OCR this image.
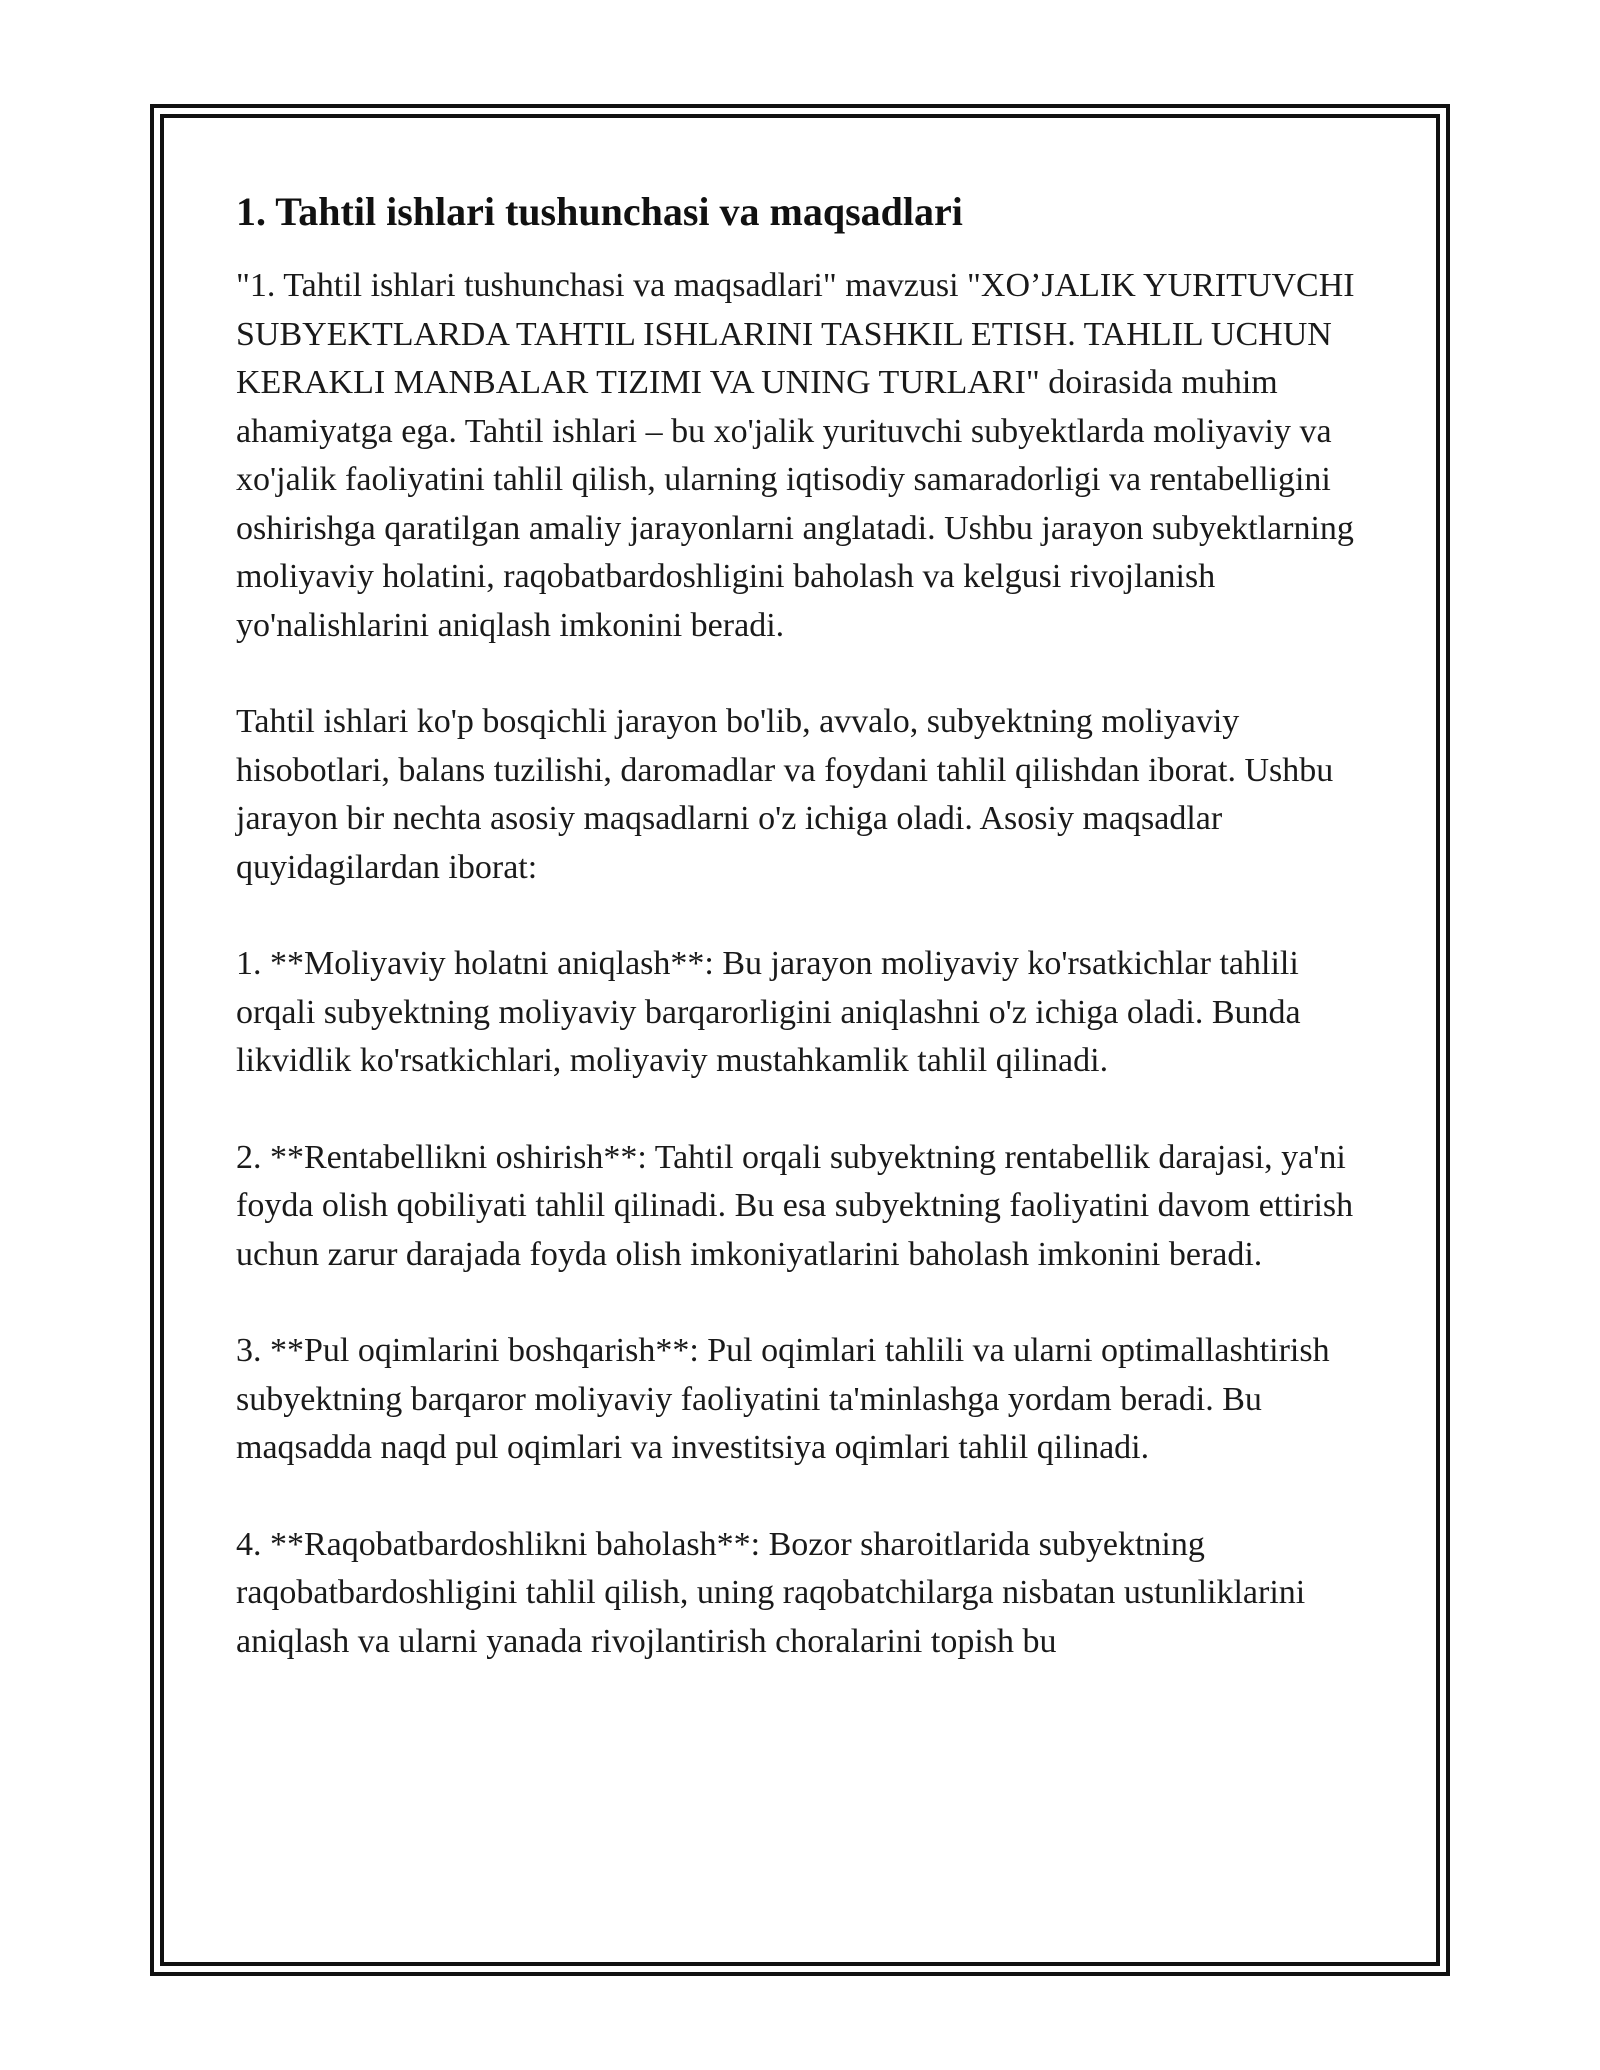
1. Tahtil ishlari tushunchasi va maqsadlari

"1. Tahtil ishlari tushunchasi va maqsadlari" mavzusi "XO’JALIK YURITUVCHI SUBYEKTLARDA TAHTIL ISHLARINI TASHKIL ETISH. TAHLIL UCHUN KERAKLI MANBALAR TIZIMI VA UNING TURLARI" doirasida muhim ahamiyatga ega. Tahtil ishlari – bu xo'jalik yurituvchi subyektlarda moliyaviy va xo'jalik faoliyatini tahlil qilish, ularning iqtisodiy samaradorligi va rentabelligini oshirishga qaratilgan amaliy jarayonlarni anglatadi. Ushbu jarayon subyektlarning moliyaviy holatini, raqobatbardoshligini baholash va kelgusi rivojlanish yo'nalishlarini aniqlash imkonini beradi.

Tahtil ishlari ko'p bosqichli jarayon bo'lib, avvalo, subyektning moliyaviy hisobotlari, balans tuzilishi, daromadlar va foydani tahlil qilishdan iborat. Ushbu jarayon bir nechta asosiy maqsadlarni o'z ichiga oladi. Asosiy maqsadlar quyidagilardan iborat:

1. **Moliyaviy holatni aniqlash**: Bu jarayon moliyaviy ko'rsatkichlar tahlili orqali subyektning moliyaviy barqarorligini aniqlashni o'z ichiga oladi. Bunda likvidlik ko'rsatkichlari, moliyaviy mustahkamlik tahlil qilinadi.

2. **Rentabellikni oshirish**: Tahtil orqali subyektning rentabellik darajasi, ya'ni foyda olish qobiliyati tahlil qilinadi. Bu esa subyektning faoliyatini davom ettirish uchun zarur darajada foyda olish imkoniyatlarini baholash imkonini beradi.

3. **Pul oqimlarini boshqarish**: Pul oqimlari tahlili va ularni optimallashtirish subyektning barqaror moliyaviy faoliyatini ta'minlashga yordam beradi. Bu maqsadda naqd pul oqimlari va investitsiya oqimlari tahlil qilinadi.

4. **Raqobatbardoshlikni baholash**: Bozor sharoitlarida subyektning raqobatbardoshligini tahlil qilish, uning raqobatchilarga nisbatan ustunliklarini aniqlash va ularni yanada rivojlantirish choralarini topish bu
